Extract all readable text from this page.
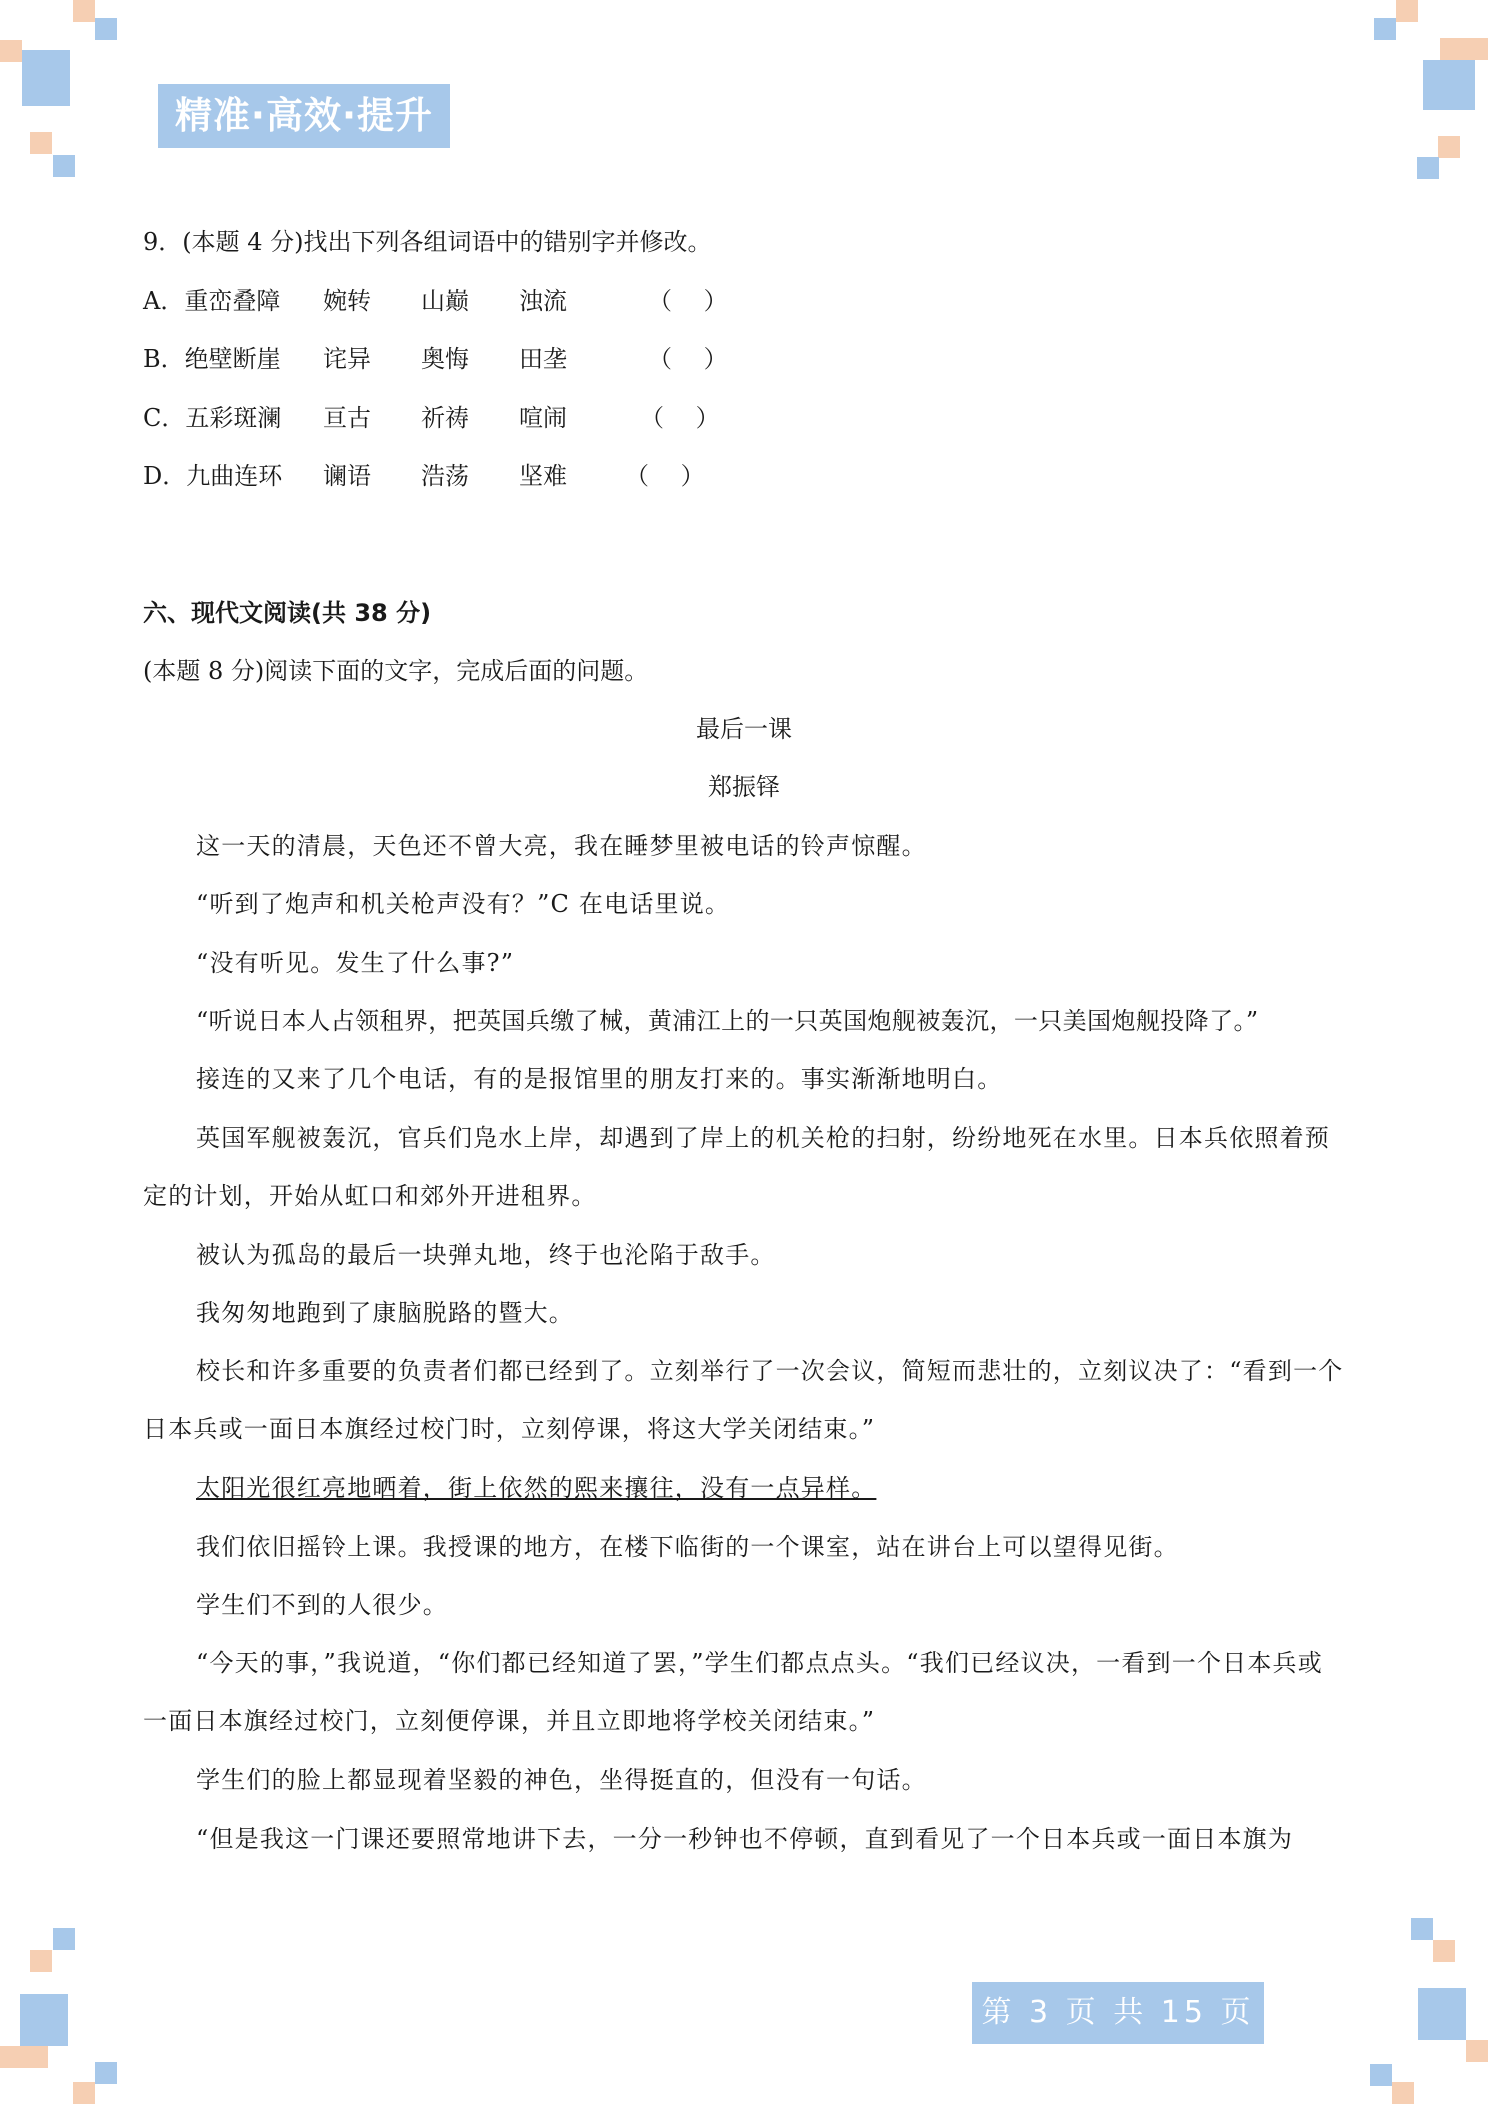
精准·高效·提升
9．(本题 4 分)找出下列各组词语中的错别字并修改。
A．重峦叠障 婉转 山巅 浊流	（　 ）
B．绝壁断崖 诧异 奥悔 田垄	（　 ）
C．五彩斑澜 亘古 祈祷 喧闹	（　 ）
D．九曲连环 谰语 浩荡 坚难 （　 ）
六、现代文阅读(共 38 分)
(本题 8 分)阅读下面的文字，完成后面的问题。
最后一课
郑振铎
这一天的清晨，天色还不曾大亮，我在睡梦里被电话的铃声惊醒。
“听到了炮声和机关枪声没有？”C 在电话里说。
“没有听见。发生了什么事?”
“听说日本人占领租界，把英国兵缴了械，黄浦江上的一只英国炮舰被轰沉，一只美国炮舰投降了。”
接连的又来了几个电话，有的是报馆里的朋友打来的。事实渐渐地明白。
英国军舰被轰沉，官兵们凫水上岸，却遇到了岸上的机关枪的扫射，纷纷地死在水里。日本兵依照着预定的计划，开始从虹口和郊外开进租界。
被认为孤岛的最后一块弹丸地，终于也沦陷于敌手。
我匆匆地跑到了康脑脱路的暨大。
校长和许多重要的负责者们都已经到了。立刻举行了一次会议，简短而悲壮的，立刻议决了：“看到一个日本兵或一面日本旗经过校门时，立刻停课，将这大学关闭结束。”
太阳光很红亮地晒着，街上依然的熙来攘往，没有一点异样。
我们依旧摇铃上课。我授课的地方，在楼下临街的一个课室，站在讲台上可以望得见街。
学生们不到的人很少。
“今天的事，”我说道，“你们都已经知道了罢，”学生们都点点头。“我们已经议决，一看到一个日本兵或一面日本旗经过校门，立刻便停课，并且立即地将学校关闭结束。”
学生们的脸上都显现着坚毅的神色，坐得挺直的，但没有一句话。
“但是我这一门课还要照常地讲下去，一分一秒钟也不停顿，直到看见了一个日本兵或一面日本旗为
第 3 页 共 15 页
